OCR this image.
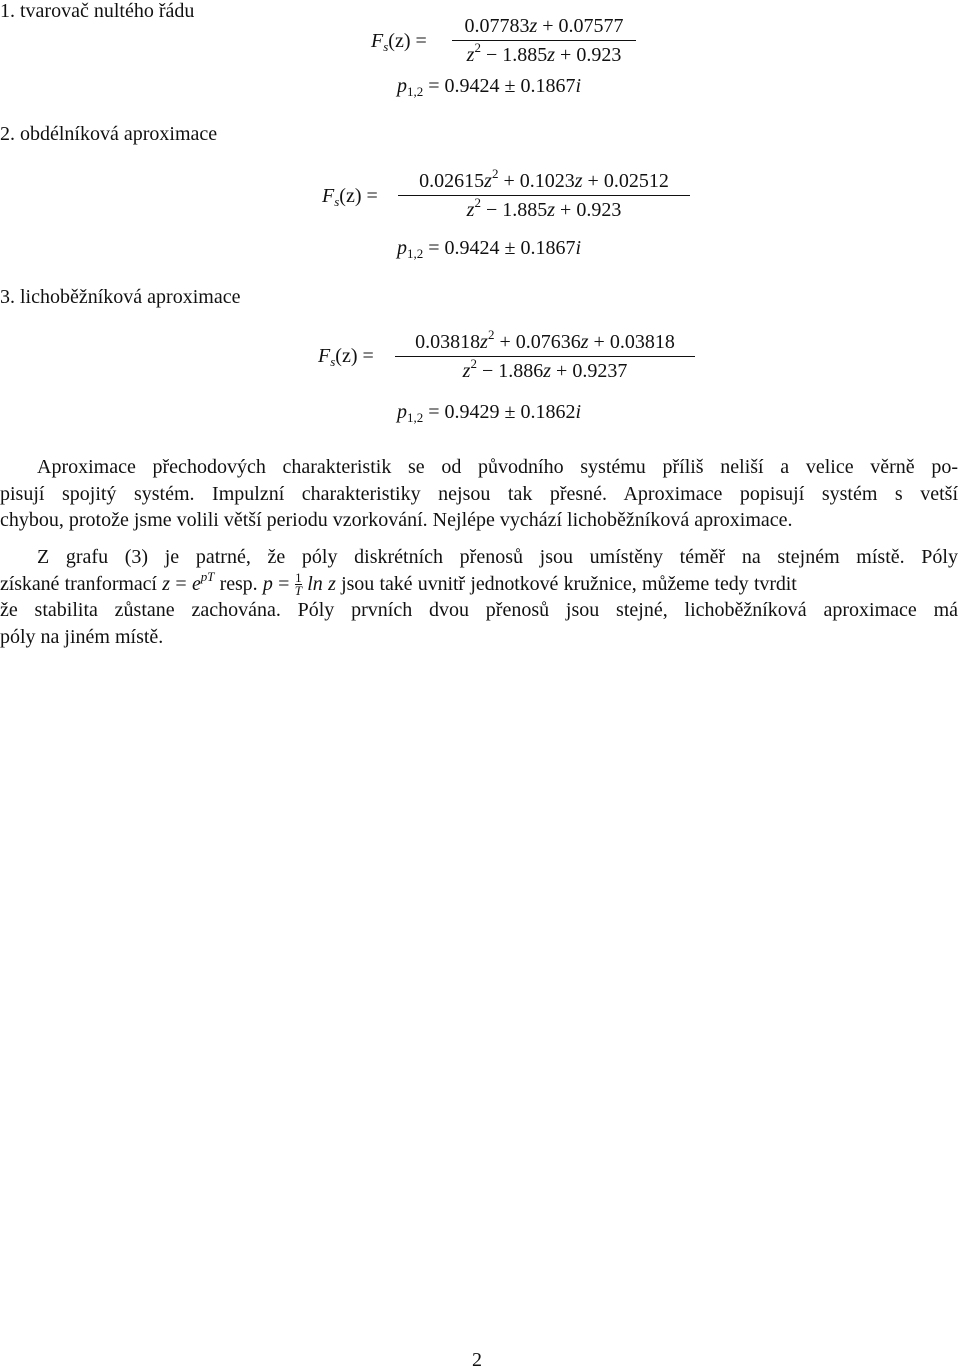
1. tvarovač nultého řádu
2. obdélníková aproximace
3. lichoběžníková aproximace
$F_s(z)$ =
0.07783z + 0.07577
$z^2 - 1.885z + 0.923$
$p_{1,2} = 0.9424 \pm 0.1867i$
$F_s(z)$ =
$0.02615z^2 + 0.1023z + 0.02512$
$z^2 - 1.885z + 0.923$
$p_{1,2} = 0.9424 \pm 0.1867i$
$F_s(z)$ =
$0.03818z^2 + 0.07636z + 0.03818$
$z^2 - 1.886z + 0.9237$
$p_{1,2} = 0.9429 \pm 0.1862i$
Aproximace přechodových charakteristik se od původního systému příliš neliší a velice věrně po-
pisují spojitý systém. Impulzní charakteristiky nejsou tak přesné. Aproximace popisují systém s vetší
chybou, protože jsme volili větší periodu vzorkování. Nejlépe vychází lichoběžníková aproximace.
Z grafu (3) je patrné, že póly diskrétních přenosů jsou umístěny téměř na stejném místě. Póly
získané tranformací $z = e^{pT}$ resp. $p = \frac{1}{T}$ ln z jsou také uvnitř jednotkové kružnice, můžeme tedy tvrdit
že stabilita zůstane zachována. Póly prvních dvou přenosů jsou stejné, lichoběžníková aproximace má
póly na jiném místě.
2
